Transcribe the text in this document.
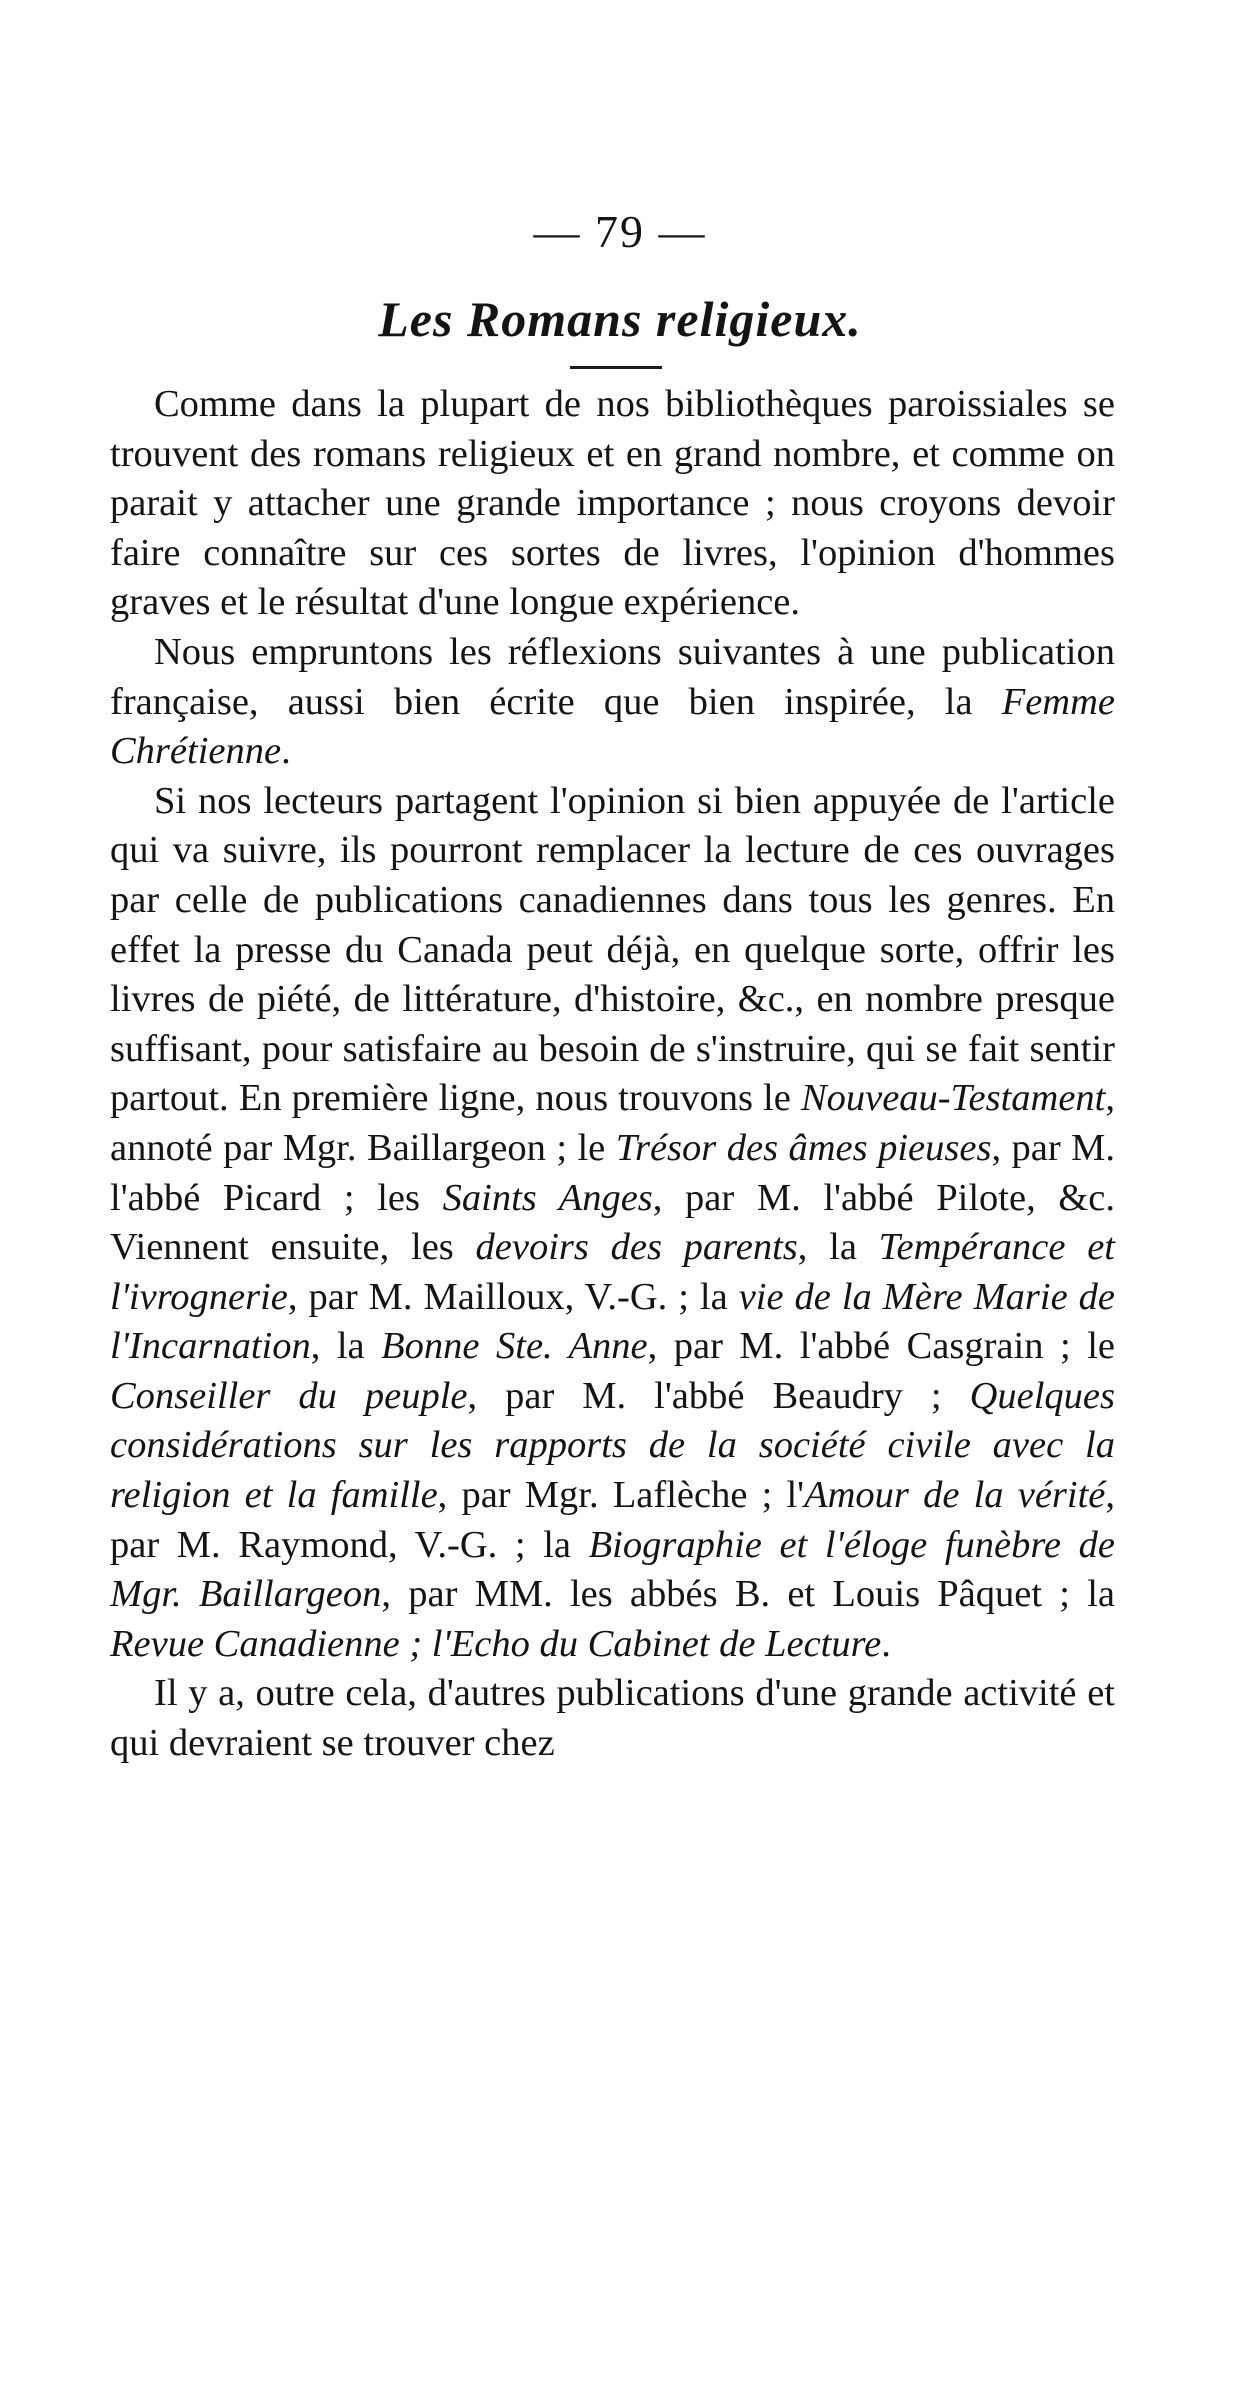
— 79 —
Les Romans religieux.

Comme dans la plupart de nos bibliothèques paroissiales se trouvent des romans religieux et en grand nombre, et comme on parait y attacher une grande importance ; nous croyons devoir faire connaître sur ces sortes de livres, l'opinion d'hommes graves et le résultat d'une longue expérience.

Nous empruntons les réflexions suivantes à une publication française, aussi bien écrite que bien inspirée, la Femme Chrétienne.

Si nos lecteurs partagent l'opinion si bien appuyée de l'article qui va suivre, ils pourront remplacer la lecture de ces ouvrages par celle de publications canadiennes dans tous les genres. En effet la presse du Canada peut déjà, en quelque sorte, offrir les livres de piété, de littérature, d'histoire, &c., en nombre presque suffisant, pour satisfaire au besoin de s'instruire, qui se fait sentir partout. En première ligne, nous trouvons le Nouveau-Testament, annoté par Mgr. Baillargeon ; le Trésor des âmes pieuses, par M. l'abbé Picard ; les Saints Anges, par M. l'abbé Pilote, &c. Viennent ensuite, les devoirs des parents, la Tempérance et l'ivrognerie, par M. Mailloux, V.-G. ; la vie de la Mère Marie de l'Incarnation, la Bonne Ste. Anne, par M. l'abbé Casgrain ; le Conseiller du peuple, par M. l'abbé Beaudry ; Quelques considérations sur les rapports de la société civile avec la religion et la famille, par Mgr. Laflèche ; l'Amour de la vérité, par M. Raymond, V.-G. ; la Biographie et l'éloge funèbre de Mgr. Baillargeon, par MM. les abbés B. et Louis Pâquet ; la Revue Canadienne ; l'Echo du Cabinet de Lecture.

Il y a, outre cela, d'autres publications d'une grande activité et qui devraient se trouver chez
